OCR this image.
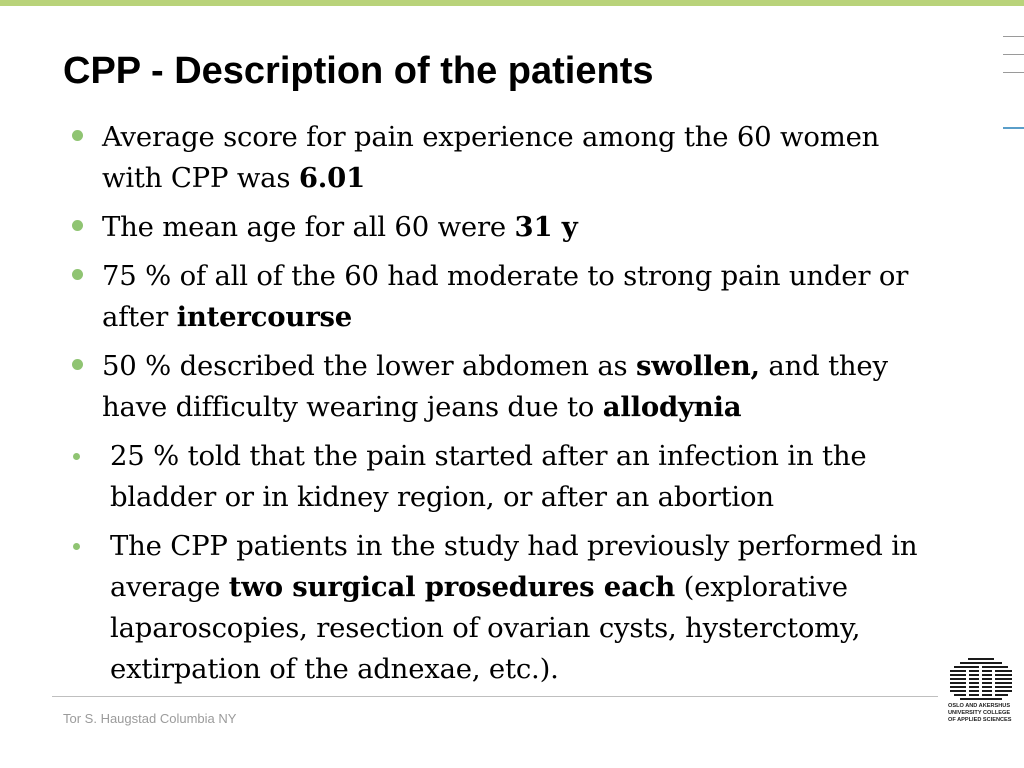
CPP - Description of the patients
Average score for pain experience among the 60 women with CPP was 6.01
The mean age for all 60 were 31 y
75 % of all of the 60 had moderate to strong pain under or after intercourse
50 % described the lower abdomen as swollen, and they have difficulty wearing jeans due to allodynia
25 % told that the pain started after an infection in the bladder or in kidney region, or after an abortion
The CPP patients in the study had previously performed in average two surgical prosedures each (explorative laparoscopies, resection of ovarian cysts, hysterctomy, extirpation of the adnexae, etc.).
Tor S. Haugstad Columbia NY
OSLO AND AKERSHUS
UNIVERSITY COLLEGE
OF APPLIED SCIENCES
